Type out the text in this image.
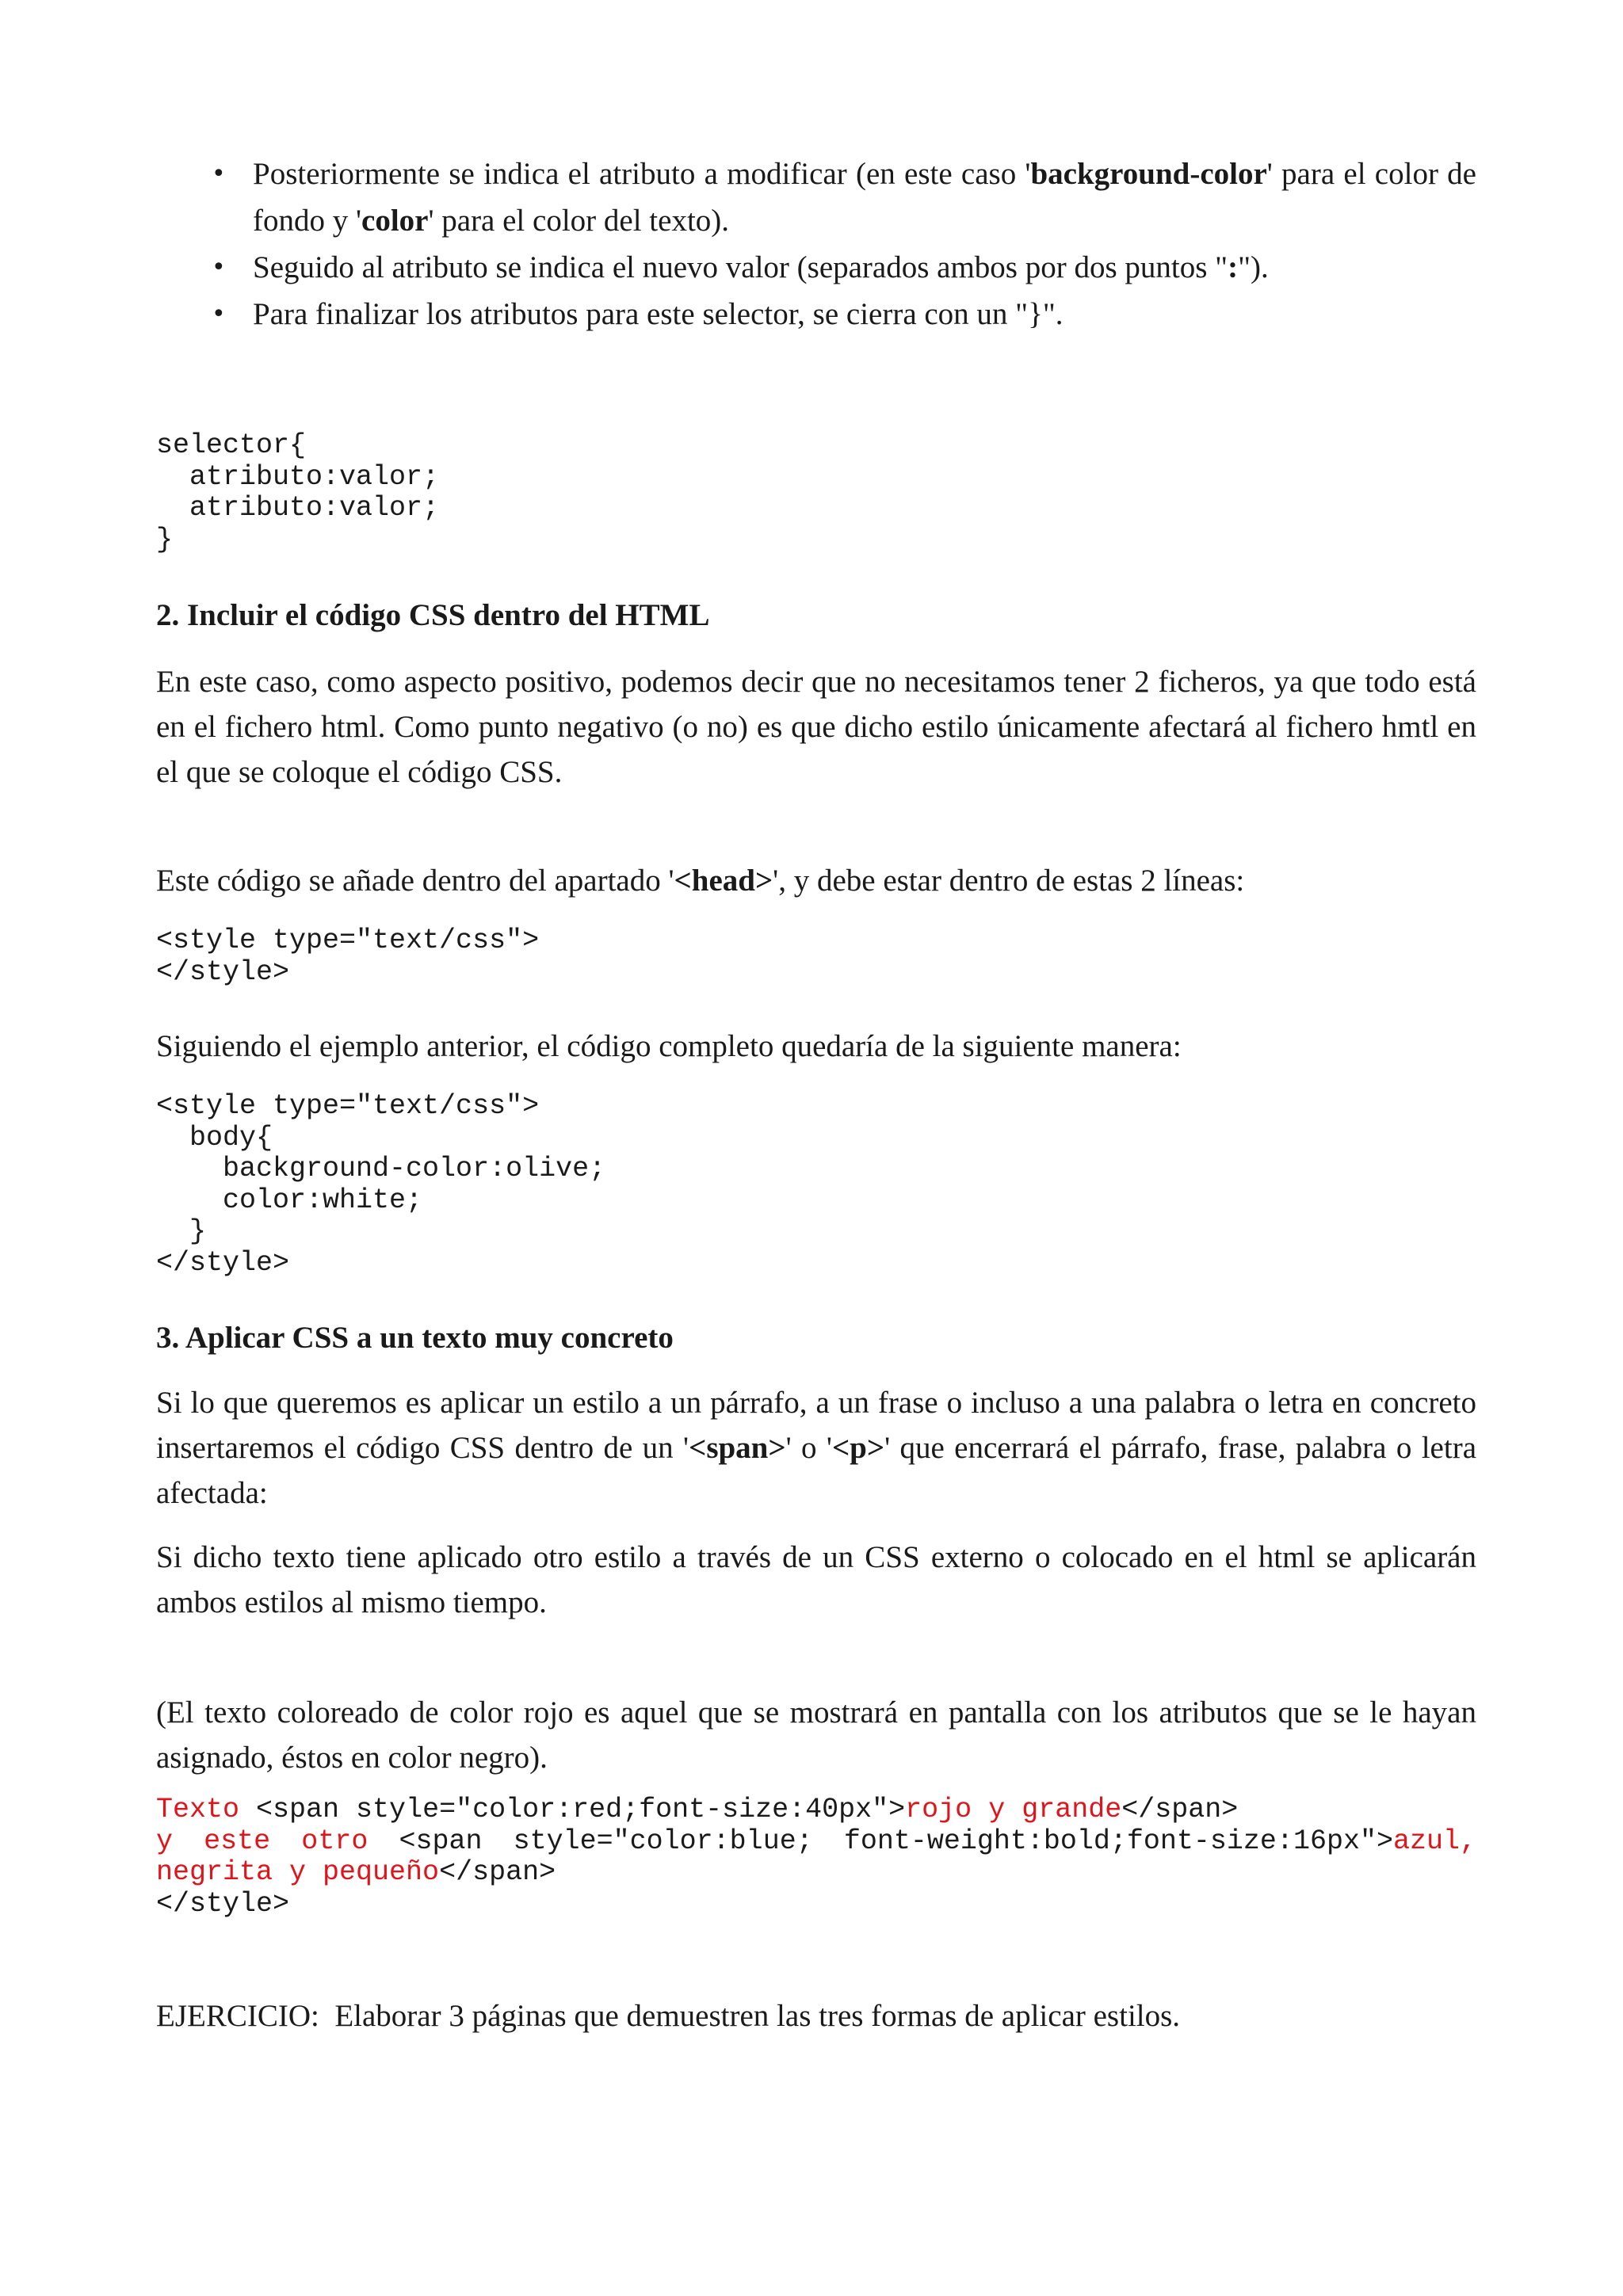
• Posteriormente se indica el atributo a modificar (en este caso 'background-color' para el color de fondo y 'color' para el color del texto).
• Seguido al atributo se indica el nuevo valor (separados ambos por dos puntos ":").
• Para finalizar los atributos para este selector, se cierra con un "}".
selector{
atributo:valor;
atributo:valor;
}
2. Incluir el código CSS dentro del HTML

En este caso, como aspecto positivo, podemos decir que no necesitamos tener 2 ficheros, ya que todo está en el fichero html. Como punto negativo (o no) es que dicho estilo únicamente afectará al fichero hmtl en el que se coloque el código CSS.

Este código se añade dentro del apartado '<head>', y debe estar dentro de estas 2 líneas:

<style type="text/css">
</style>

Siguiendo el ejemplo anterior, el código completo quedaría de la siguiente manera:

<style type="text/css">
body{
background-color:olive;
color:white;
}
</style>
3. Aplicar CSS a un texto muy concreto

Si lo que queremos es aplicar un estilo a un párrafo, a un frase o incluso a una palabra o letra en concreto insertaremos el código CSS dentro de un '<span>' o '<p>' que encerrará el párrafo, frase, palabra o letra afectada:

Si dicho texto tiene aplicado otro estilo a través de un CSS externo o colocado en el html se aplicarán ambos estilos al mismo tiempo.

(El texto coloreado de color rojo es aquel que se mostrará en pantalla con los atributos que se le hayan asignado, éstos en color negro).

Texto <span style="color:red;font-size:40px">rojo y grande</span>
y este otro <span style="color:blue; font-weight:bold;font-size:16px">azul,
negrita y pequeño</span>
</style>

EJERCICIO:  Elaborar 3 páginas que demuestren las tres formas de aplicar estilos.
